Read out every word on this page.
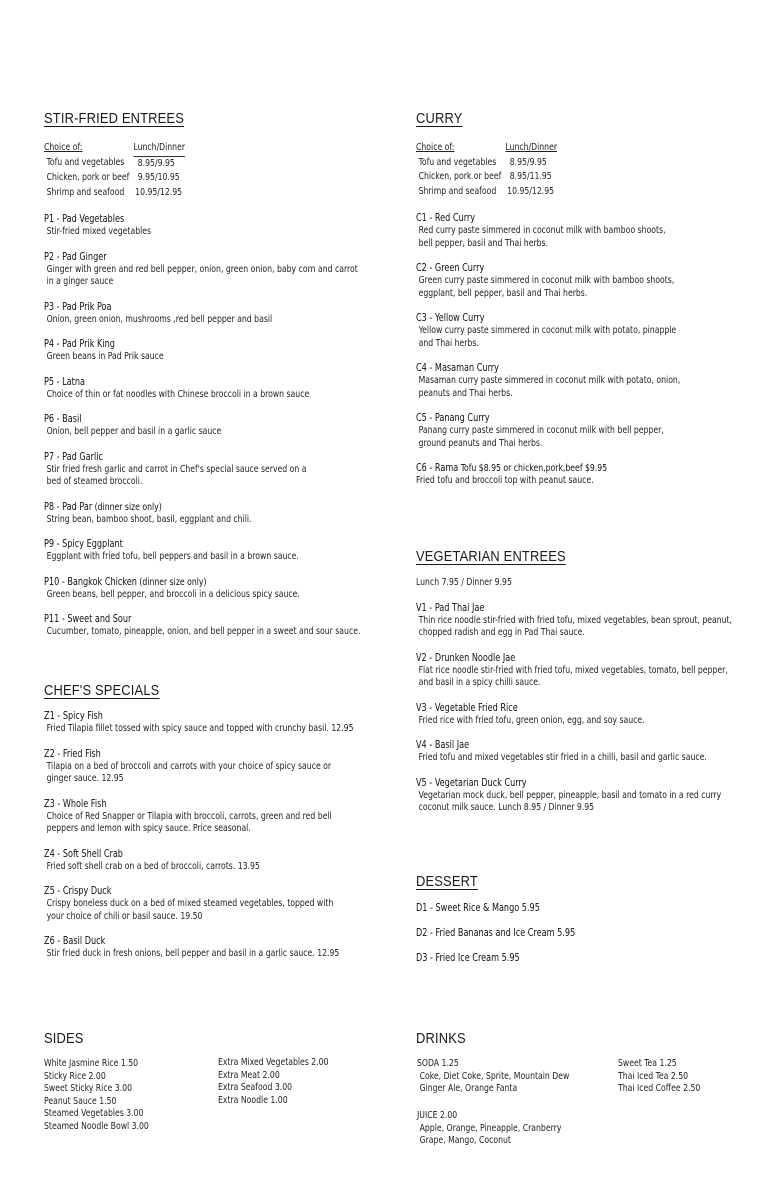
STIR-FRIED ENTREES
Choice of:	Lunch/Dinner
Tofu and vegetables	8.95/9.95
Chicken, pork or beef	9.95/10.95
Shrimp and seafood	10.95/12.95
P1 - Pad Vegetables
Stir-fried mixed vegetables
P2 - Pad Ginger
Ginger with green and red bell pepper, onion, green onion, baby corn and carrot
in a ginger sauce
P3 - Pad Prik Poa
Onion, green onion, mushrooms ,red bell pepper and basil
P4 - Pad Prik King
Green beans in Pad Prik sauce
P5 - Latna
Choice of thin or fat noodles with Chinese broccoli in a brown sauce
P6 - Basil
Onion, bell pepper and basil in a garlic sauce
P7 - Pad Garlic
Stir fried fresh garlic and carrot in Chef's special sauce served on a
bed of steamed broccoli.
P8 - Pad Par (dinner size only)
String bean, bamboo shoot, basil, eggplant and chili.
P9 - Spicy Eggplant
Eggplant with fried tofu, bell peppers and basil in a brown sauce.
P10 - Bangkok Chicken (dinner size only)
Green beans, bell pepper, and broccoli in a delicious spicy sauce.
P11 - Sweet and Sour
Cucumber, tomato, pineapple, onion, and bell pepper in a sweet and sour sauce.
CHEF'S SPECIALS
Z1 - Spicy Fish
Fried Tilapia fillet tossed with spicy sauce and topped with crunchy basil. 12.95
Z2 - Fried Fish
Tilapia on a bed of broccoli and carrots with your choice of spicy sauce or
ginger sauce. 12.95
Z3 - Whole Fish
Choice of Red Snapper or Tilapia with broccoli, carrots, green and red bell
peppers and lemon with spicy sauce. Price seasonal.
Z4 - Soft Shell Crab
Fried soft shell crab on a bed of broccoli, carrots. 13.95
Z5 - Crispy Duck
Crispy boneless duck on a bed of mixed steamed vegetables, topped with
your choice of chili or basil sauce. 19.50
Z6 - Basil Duck
Stir fried duck in fresh onions, bell pepper and basil in a garlic sauce. 12.95
CURRY
Choice of:	Lunch/Dinner
Tofu and vegetables	8.95/9.95
Chicken, pork or beef	8.95/11.95
Shrimp and seafood	10.95/12.95
C1 - Red Curry
Red curry paste simmered in coconut milk with bamboo shoots,
bell pepper, basil and Thai herbs.
C2 - Green Curry
Green curry paste simmered in coconut milk with bamboo shoots,
eggplant, bell pepper, basil and Thai herbs.
C3 - Yellow Curry
Yellow curry paste simmered in coconut milk with potato, pinapple
and Thai herbs.
C4 - Masaman Curry
Masaman curry paste simmered in coconut milk with potato, onion,
peanuts and Thai herbs.
C5 - Panang Curry
Panang curry paste simmered in coconut milk with bell pepper,
ground peanuts and Thai herbs.
C6 - Rama Tofu $8.95 or chicken,pork,beef $9.95
Fried tofu and broccoli top with peanut sauce.
VEGETARIAN ENTREES
Lunch 7.95 / Dinner 9.95
V1 - Pad Thai Jae
Thin rice noodle stir-fried with fried tofu, mixed vegetables, bean sprout, peanut,
chopped radish and egg in Pad Thai sauce.
V2 - Drunken Noodle Jae
Flat rice noodle stir-fried with fried tofu, mixed vegetables, tomato, bell pepper,
and basil in a spicy chilli sauce.
V3 - Vegetable Fried Rice
Fried rice with fried tofu, green onion, egg, and soy sauce.
V4 - Basil Jae
Fried tofu and mixed vegetables stir fried in a chilli, basil and garlic sauce.
V5 - Vegetarian Duck Curry
Vegetarian mock duck, bell pepper, pineapple, basil and tomato in a red curry
coconut milk sauce. Lunch 8.95 / Dinner 9.95
DESSERT
D1 - Sweet Rice & Mango 5.95
D2 - Fried Bananas and Ice Cream 5.95
D3 - Fried Ice Cream 5.95
SIDES
White Jasmine Rice 1.50
Sticky Rice 2.00
Sweet Sticky Rice 3.00
Peanut Sauce 1.50
Steamed Vegetables 3.00
Steamed Noodle Bowl 3.00
Extra Mixed Vegetables 2.00
Extra Meat 2.00
Extra Seafood 3.00
Extra Noodle 1.00
DRINKS
SODA 1.25
Coke, Diet Coke, Sprite, Mountain Dew
Ginger Ale, Orange Fanta
JUICE 2.00
Apple, Orange, Pineapple, Cranberry
Grape, Mango, Coconut
Sweet Tea 1.25
Thai Iced Tea 2.50
Thai Iced Coffee 2.50
